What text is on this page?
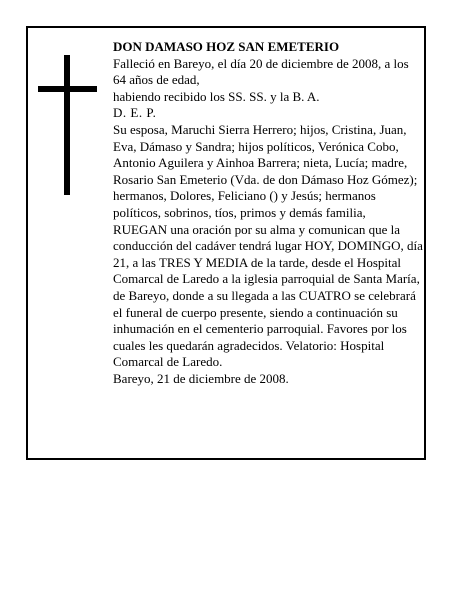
DON DAMASO HOZ SAN EMETERIO

Falleció en Bareyo, el día 20 de diciembre de 2008, a los 64 años de edad,

habiendo recibido los SS. SS. y la B. A.

D. E. P.

Su esposa, Maruchi Sierra Herrero; hijos, Cristina, Juan, Eva, Dámaso y Sandra; hijos políticos, Verónica Cobo, Antonio Aguilera y Ainhoa Barrera; nieta, Lucía; madre, Rosario San Emeterio (Vda. de don Dámaso Hoz Gómez); hermanos, Dolores, Feliciano () y Jesús; hermanos políticos, sobrinos, tíos, primos y demás familia,

RUEGAN una oración por su alma y comunican que la conducción del cadáver tendrá lugar HOY, DOMINGO, día 21, a las TRES Y MEDIA de la tarde, desde el Hospital Comarcal de Laredo a la iglesia parroquial de Santa María, de Bareyo, donde a su llegada a las CUATRO se celebrará el funeral de cuerpo presente, siendo a continuación su inhumación en el cementerio parroquial. Favores por los cuales les quedarán agradecidos. Velatorio: Hospital Comarcal de Laredo.

Bareyo, 21 de diciembre de 2008.
